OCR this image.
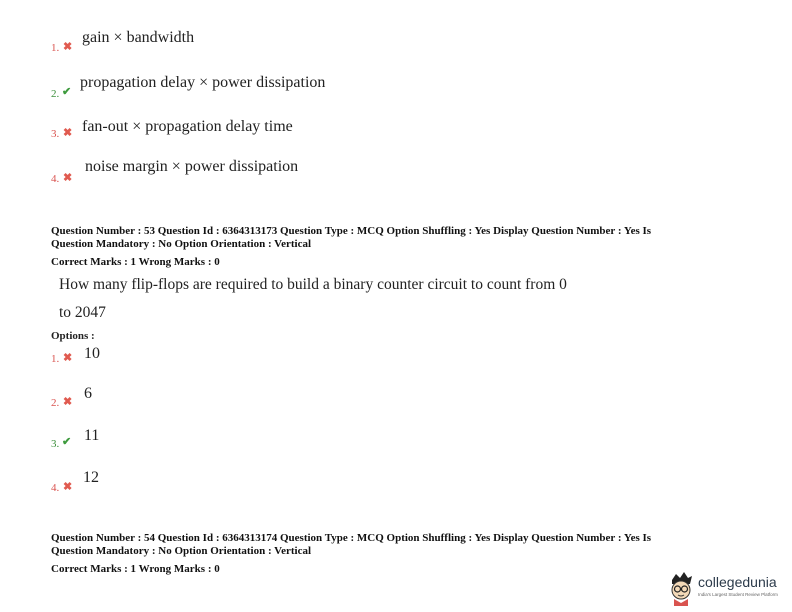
1. ✖
gain × bandwidth
2. ✔
propagation delay × power dissipation
3. ✖ fan-out × propagation delay time
4. ✖
noise margin × power dissipation
Question Number : 53 Question Id : 6364313173 Question Type : MCQ Option Shuffling : Yes Display Question Number : Yes Is
Question Mandatory : No Option Orientation : Vertical
Correct Marks : 1 Wrong Marks : 0
How many flip-flops are required to build a binary counter circuit to count from 0
to 2047
Options :
1. ✖ 10
2. ✖ 6
3. ✔ 11
4. ✖
12
Question Number : 54 Question Id : 6364313174 Question Type : MCQ Option Shuffling : Yes Display Question Number : Yes Is
Question Mandatory : No Option Orientation : Vertical
Correct Marks : 1 Wrong Marks : 0
collegedunia
India's Largest Student Review Platform
